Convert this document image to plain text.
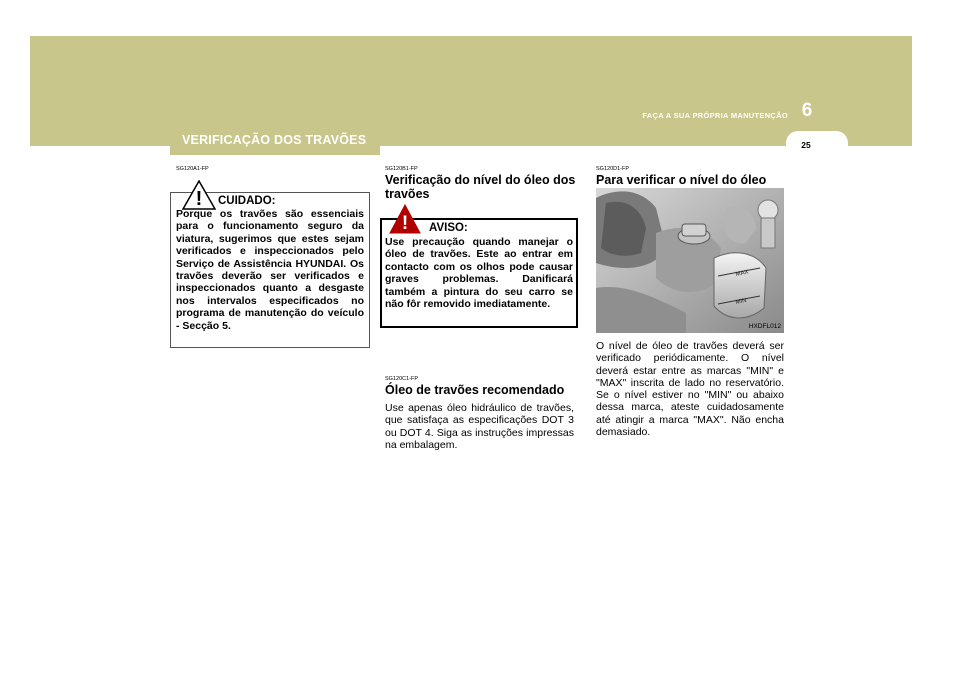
FAÇA A SUA PRÓPRIA MANUTENÇÃO 6
25
VERIFICAÇÃO DOS TRAVÕES
SG120A1-FP
! CUIDADO:
Porque os travões são essenciais para o funcionamento seguro da viatura, sugerimos que estes sejam verificados e inspeccionados pelo Serviço de Assistência HYUNDAI. Os travões deverão ser verificados e inspeccionados quanto a desgaste nos intervalos especificados no programa de manutenção do veículo - Secção 5.
SG120B1-FP
Verificação do nível do óleo dos travões
! AVISO:
Use precaução quando manejar o óleo de travões. Este ao entrar em contacto com os olhos pode causar graves problemas. Danificará também a pintura do seu carro se não fôr removido imediatamente.
SG120C1-FP
Óleo de travões recomendado
Use apenas óleo hidráulico de travões, que satisfaça as especificações DOT 3 ou DOT 4. Siga as instruções impressas na embalagem.
SG120D1-FP
Para verificar o nível do óleo
MAX
MIN
HXDFL012
O nível de óleo de travões deverá ser verificado periódicamente. O nível deverá estar entre as marcas "MIN" e "MAX" inscrita de lado no reservatório. Se o nível estiver no "MIN" ou abaixo dessa marca, ateste cuidadosamente até atingir a marca "MAX". Não encha demasiado.
